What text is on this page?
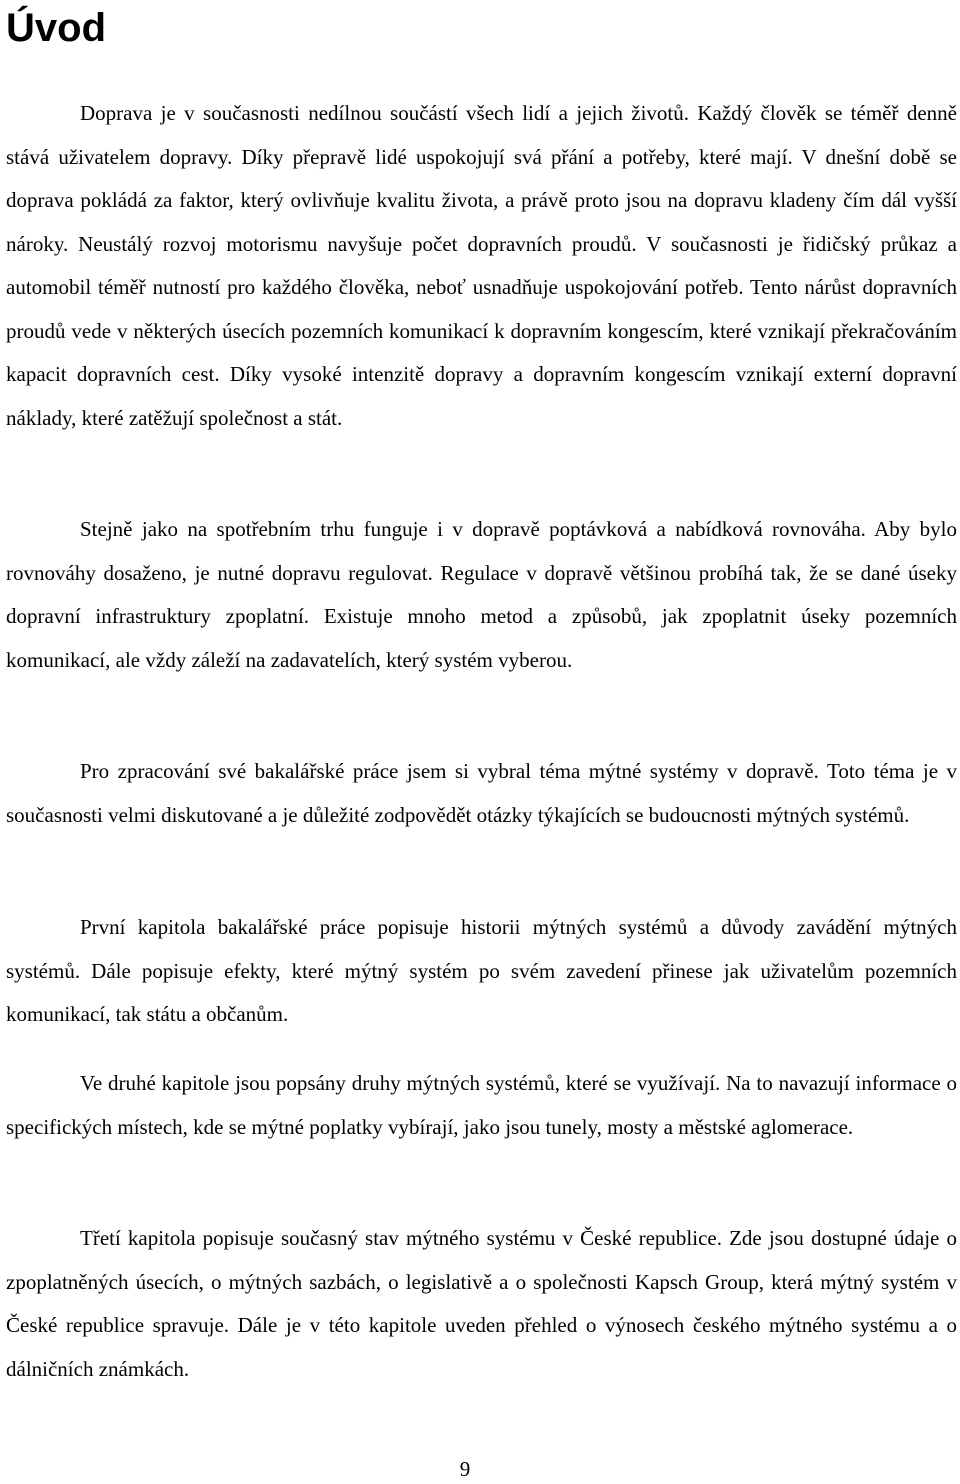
Úvod

Doprava je v současnosti nedílnou součástí všech lidí a jejich životů. Každý člověk se téměř denně stává uživatelem dopravy. Díky přepravě lidé uspokojují svá přání a potřeby, které mají. V dnešní době se doprava pokládá za faktor, který ovlivňuje kvalitu života, a právě proto jsou na dopravu kladeny čím dál vyšší nároky. Neustálý rozvoj motorismu navyšuje počet dopravních proudů. V současnosti je řidičský průkaz a automobil téměř nutností pro každého člověka, neboť usnadňuje uspokojování potřeb. Tento nárůst dopravních proudů vede v některých úsecích pozemních komunikací k dopravním kongescím, které vznikají překračováním kapacit dopravních cest. Díky vysoké intenzitě dopravy a dopravním kongescím vznikají externí dopravní náklady, které zatěžují společnost a stát.

Stejně jako na spotřebním trhu funguje i v dopravě poptávková a nabídková rovnováha. Aby bylo rovnováhy dosaženo, je nutné dopravu regulovat. Regulace v dopravě většinou probíhá tak, že se dané úseky dopravní infrastruktury zpoplatní. Existuje mnoho metod a způsobů, jak zpoplatnit úseky pozemních komunikací, ale vždy záleží na zadavatelích, který systém vyberou.

Pro zpracování své bakalářské práce jsem si vybral téma mýtné systémy v dopravě. Toto téma je v současnosti velmi diskutované a je důležité zodpovědět otázky týkajících se budoucnosti mýtných systémů.

První kapitola bakalářské práce popisuje historii mýtných systémů a důvody zavádění mýtných systémů. Dále popisuje efekty, které mýtný systém po svém zavedení přinese jak uživatelům pozemních komunikací, tak státu a občanům.

Ve druhé kapitole jsou popsány druhy mýtných systémů, které se využívají. Na to navazují informace o specifických místech, kde se mýtné poplatky vybírají, jako jsou tunely, mosty a městské aglomerace.

Třetí kapitola popisuje současný stav mýtného systému v České republice. Zde jsou dostupné údaje o zpoplatněných úsecích, o mýtných sazbách, o legislativě a o společnosti Kapsch Group, která mýtný systém v České republice spravuje. Dále je v této kapitole uveden přehled o výnosech českého mýtného systému a o dálničních známkách.

9
